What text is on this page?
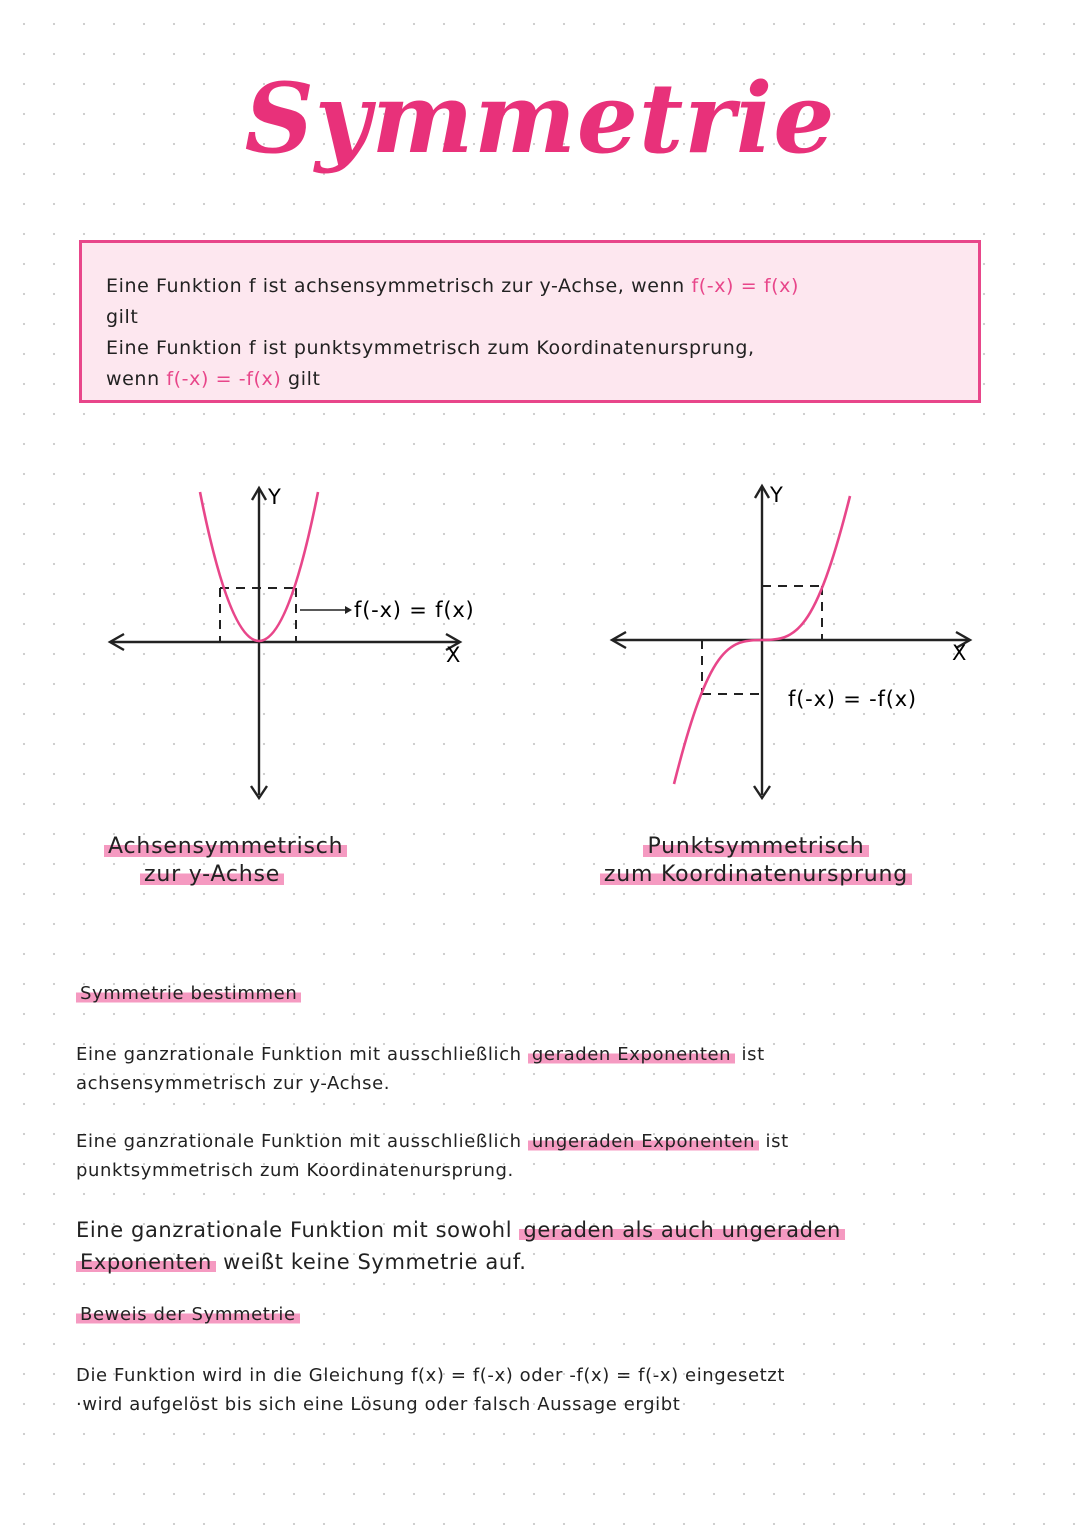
Symmetrie
Eine Funktion f ist achsensymmetrisch zur y-Achse, wenn f(-x) = f(x)
gilt
Eine Funktion f ist punktsymmetrisch zum Koordinatenursprung,
wenn f(-x) = -f(x) gilt
Y
X
f(-x) = f(x)
Y
X
f(-x) = -f(x)
Achsensymmetrisch
zur y-Achse
Punktsymmetrisch
zum Koordinatenursprung
Symmetrie bestimmen
Eine ganzrationale Funktion mit ausschließlich geraden Exponenten ist
achsensymmetrisch zur y-Achse.
Eine ganzrationale Funktion mit ausschließlich ungeraden Exponenten ist
punktsymmetrisch zum Koordinatenursprung.
Eine ganzrationale Funktion mit sowohl geraden als auch ungeraden
Exponenten weißt keine Symmetrie auf.
Beweis der Symmetrie
Die Funktion wird in die Gleichung f(x) = f(-x) oder -f(x) = f(-x) eingesetzt
·wird aufgelöst bis sich eine Lösung oder falsch Aussage ergibt
